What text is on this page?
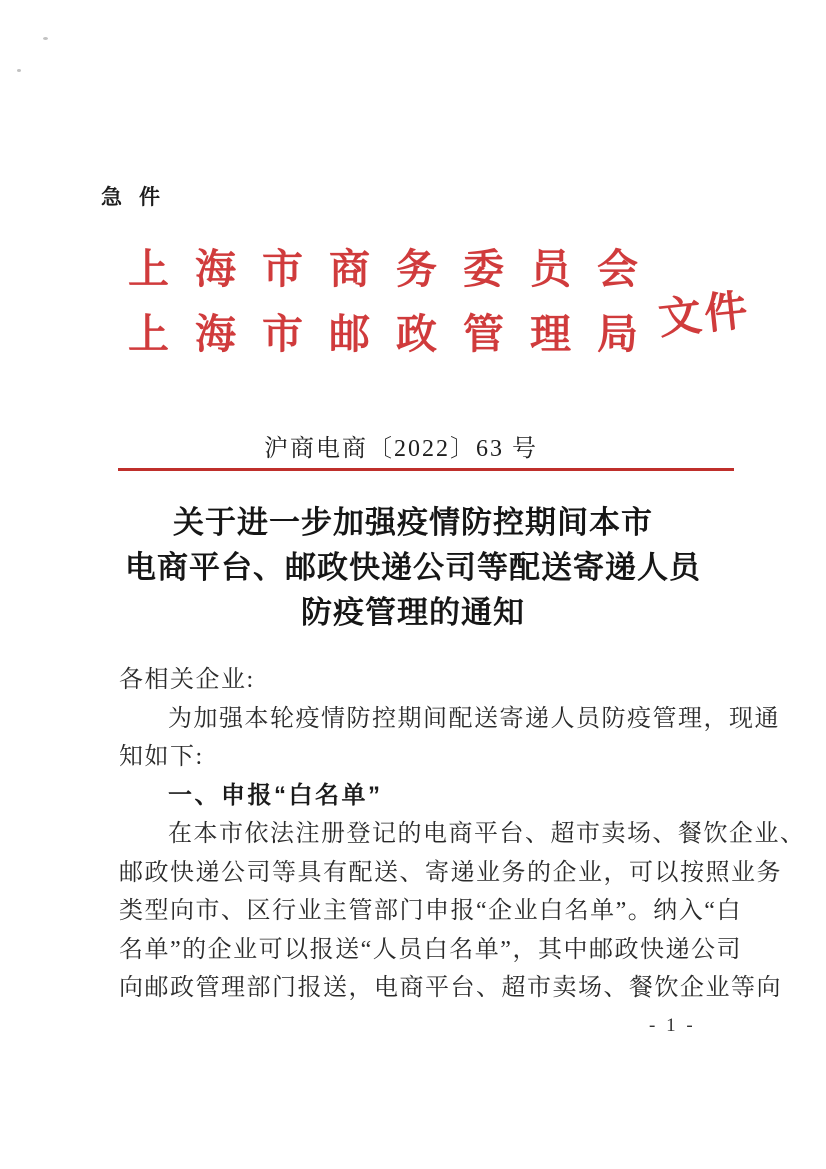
急件
上海市商务委员会
上海市邮政管理局
文件
沪商电商〔2022〕63 号
关于进一步加强疫情防控期间本市
电商平台、邮政快递公司等配送寄递人员
防疫管理的通知
各相关企业:
为加强本轮疫情防控期间配送寄递人员防疫管理，现通
知如下:
一、申报“白名单”
在本市依法注册登记的电商平台、超市卖场、餐饮企业、
邮政快递公司等具有配送、寄递业务的企业，可以按照业务
类型向市、区行业主管部门申报“企业白名单”。纳入“白
名单”的企业可以报送“人员白名单”，其中邮政快递公司
向邮政管理部门报送，电商平台、超市卖场、餐饮企业等向
- 1 -
